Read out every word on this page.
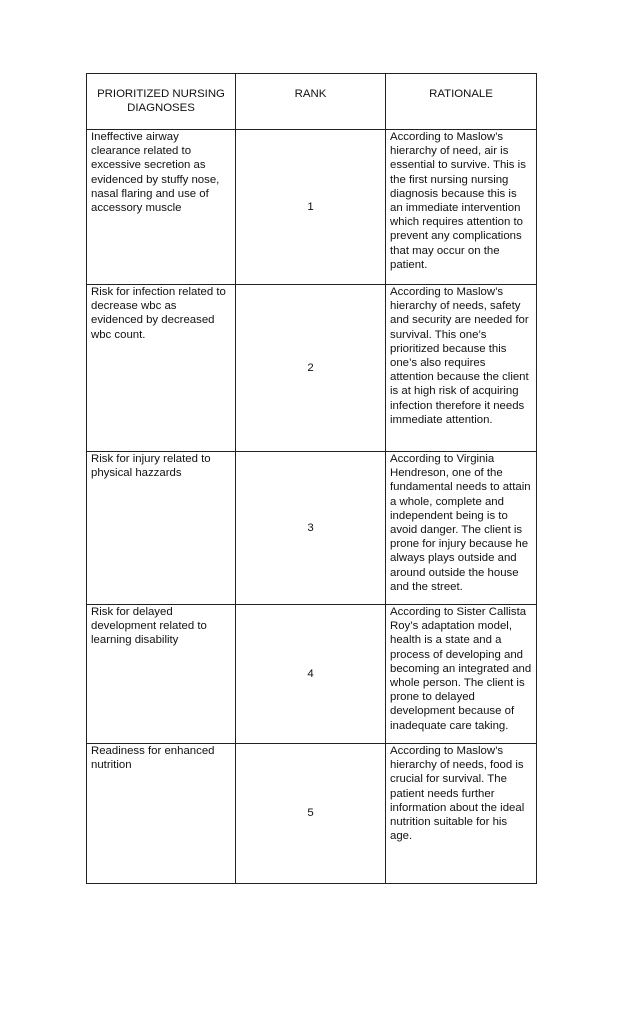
PRIORITIZED NURSING DIAGNOSES	RANK	RATIONALE
Ineffective airway clearance related to excessive secretion as evidenced by stuffy nose, nasal flaring and use of accessory muscle	1	According to Maslow’s hierarchy of need, air is essential to survive. This is the first nursing nursing diagnosis because this is an immediate intervention which requires attention to prevent any complications that may occur on the patient.
Risk for infection related to decrease wbc as evidenced by decreased wbc count.	2	According to Maslow’s hierarchy of needs, safety and security are needed for survival. This one’s prioritized because this one’s also requires attention because the client is at high risk of acquiring infection therefore it needs immediate attention.
Risk for injury related to physical hazzards	3	According to Virginia Hendreson, one of the fundamental needs to attain a whole, complete and independent being is to avoid danger. The client is prone for injury because he always plays outside and around outside the house and the street.
Risk for delayed development related to learning disability	4	According to Sister Callista Roy’s adaptation model, health is a state and a process of developing and becoming an integrated and whole person. The client is prone to delayed development because of inadequate care taking.
Readiness for enhanced nutrition	5	According to Maslow’s hierarchy of needs, food is crucial for survival. The patient needs further information about the ideal nutrition suitable for his age.
